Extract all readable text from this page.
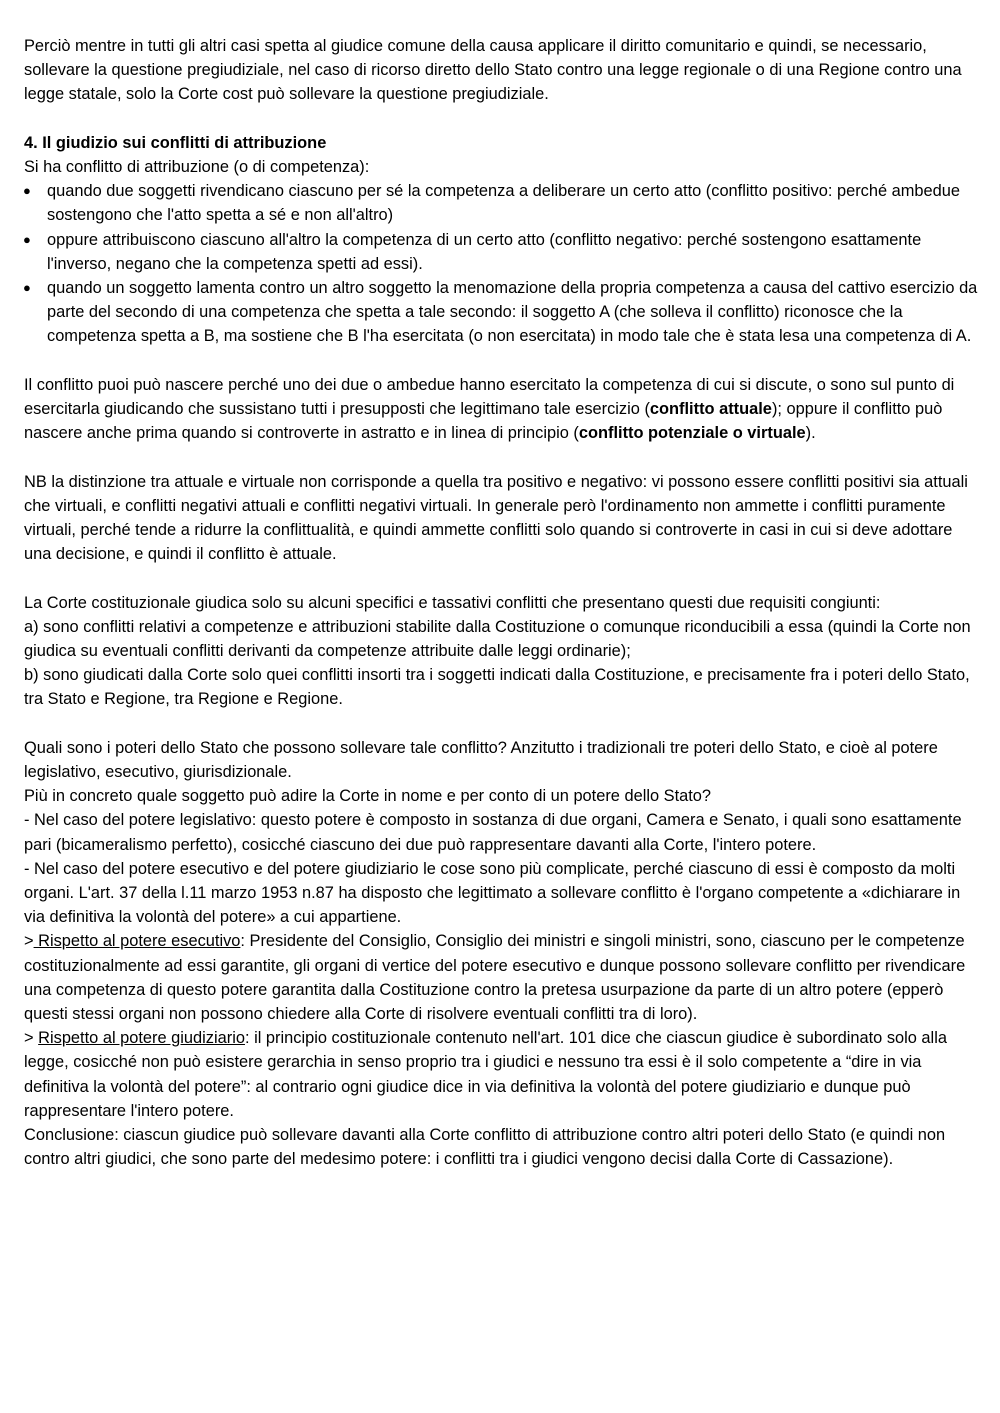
Perciò mentre in tutti gli altri casi spetta al giudice comune della causa applicare il diritto comunitario e quindi, se necessario, sollevare la questione pregiudiziale, nel caso di ricorso diretto dello Stato contro una legge regionale o di una Regione contro una legge statale, solo la Corte cost può sollevare la questione pregiudiziale.

4. Il giudizio sui conflitti di attribuzione

Si ha conflitto di attribuzione (o di competenza):

● quando due soggetti rivendicano ciascuno per sé la competenza a deliberare un certo atto (conflitto positivo: perché ambedue sostengono che l'atto spetta a sé e non all'altro)
● oppure attribuiscono ciascuno all'altro la competenza di un certo atto (conflitto negativo: perché sostengono esattamente l'inverso, negano che la competenza spetti ad essi).
● quando un soggetto lamenta contro un altro soggetto la menomazione della propria competenza a causa del cattivo esercizio da parte del secondo di una competenza che spetta a tale secondo: il soggetto A (che solleva il conflitto) riconosce che la competenza spetta a B, ma sostiene che B l'ha esercitata (o non esercitata) in modo tale che è stata lesa una competenza di A.

Il conflitto puoi può nascere perché uno dei due o ambedue hanno esercitato la competenza di cui si discute, o sono sul punto di esercitarla giudicando che sussistano tutti i presupposti che legittimano tale esercizio (conflitto attuale); oppure il conflitto può nascere anche prima quando si controverte in astratto e in linea di principio (conflitto potenziale o virtuale).

NB la distinzione tra attuale e virtuale non corrisponde a quella tra positivo e negativo: vi possono essere conflitti positivi sia attuali che virtuali, e conflitti negativi attuali e conflitti negativi virtuali. In generale però l'ordinamento non ammette i conflitti puramente virtuali, perché tende a ridurre la conflittualità, e quindi ammette conflitti solo quando si controverte in casi in cui si deve adottare una decisione, e quindi il conflitto è attuale.

La Corte costituzionale giudica solo su alcuni specifici e tassativi conflitti che presentano questi due requisiti congiunti:

a) sono conflitti relativi a competenze e attribuzioni stabilite dalla Costituzione o comunque riconducibili a essa (quindi la Corte non giudica su eventuali conflitti derivanti da competenze attribuite dalle leggi ordinarie);

b) sono giudicati dalla Corte solo quei conflitti insorti tra i soggetti indicati dalla Costituzione, e precisamente fra i poteri dello Stato, tra Stato e Regione, tra Regione e Regione.

Quali sono i poteri dello Stato che possono sollevare tale conflitto? Anzitutto i tradizionali tre poteri dello Stato, e cioè al potere legislativo, esecutivo, giurisdizionale.

Più in concreto quale soggetto può adire la Corte in nome e per conto di un potere dello Stato?

- Nel caso del potere legislativo: questo potere è composto in sostanza di due organi, Camera e Senato, i quali sono esattamente pari (bicameralismo perfetto), cosicché ciascuno dei due può rappresentare davanti alla Corte, l'intero potere.

- Nel caso del potere esecutivo e del potere giudiziario le cose sono più complicate, perché ciascuno di essi è composto da molti organi. L'art. 37 della l.11 marzo 1953 n.87 ha disposto che legittimato a sollevare conflitto è l'organo competente a «dichiarare in via definitiva la volontà del potere» a cui appartiene.

> Rispetto al potere esecutivo: Presidente del Consiglio, Consiglio dei ministri e singoli ministri, sono, ciascuno per le competenze costituzionalmente ad essi garantite, gli organi di vertice del potere esecutivo e dunque possono sollevare conflitto per rivendicare una competenza di questo potere garantita dalla Costituzione contro la pretesa usurpazione da parte di un altro potere (epperò questi stessi organi non possono chiedere alla Corte di risolvere eventuali conflitti tra di loro).

> Rispetto al potere giudiziario: il principio costituzionale contenuto nell'art. 101 dice che ciascun giudice è subordinato solo alla legge, cosicché non può esistere gerarchia in senso proprio tra i giudici e nessuno tra essi è il solo competente a “dire in via definitiva la volontà del potere”: al contrario ogni giudice dice in via definitiva la volontà del potere giudiziario e dunque può rappresentare l'intero potere.

Conclusione: ciascun giudice può sollevare davanti alla Corte conflitto di attribuzione contro altri poteri dello Stato (e quindi non contro altri giudici, che sono parte del medesimo potere: i conflitti tra i giudici vengono decisi dalla Corte di Cassazione).
